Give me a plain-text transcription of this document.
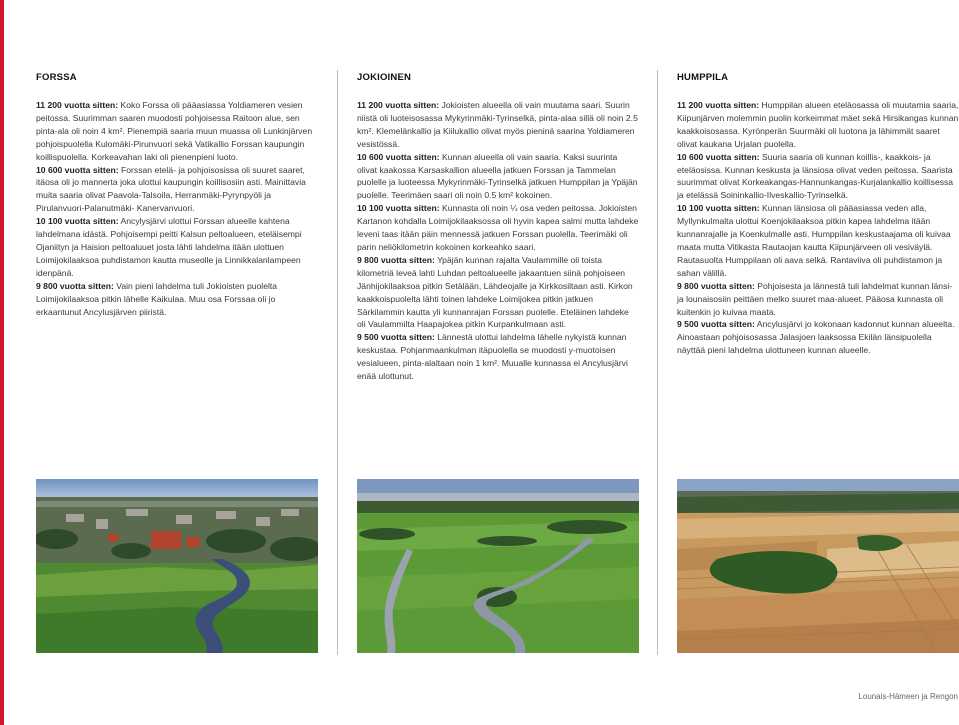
FORSSA

11 200 vuotta sitten: Koko Forssa oli pääasiassa Yoldiameren vesien peitossa. Suurimman saaren muodosti pohjoisessa Raitoon alue, sen pinta-ala oli noin 4 km². Pienempiä saaria muun muassa oli Lunkinjärven pohjoispuolella Kulomäki-Pirunvuori sekä Vatikallio Forssan kaupungin koillispuolella. Korkeavahan laki oli pienenpieni luoto.

10 600 vuotta sitten: Forssan etelä- ja pohjoisosissa oli suuret saaret, itäosa oli jo mannerta joka ulottui kaupungin koillisosiin asti. Mainittavia muita saaria olivat Paavola-Talsoila, Herranmäki-Pyrynpyöli ja Pirulanvuori-Palanutmäki- Kanervanvuori.

10 100 vuotta sitten: Ancylysjärvi ulottui Forssan alueelle kahtena lahdelmana idästä. Pohjoisempi peitti Kalsun peltoalueen, eteläisempi Ojaniityn ja Haision peltoaluuet josta lähti lahdelma itään ulottuen Loimijokilaaksoa puhdistamon kautta museolle ja Linnikkalanlampeen idenpänä.

9 800 vuotta sitten: Vain pieni lahdelma tuli Jokioisten puolelta Loimijokilaaksoa pitkin lähelle Kaikulaa. Muu osa Forssaa oli jo erkaantunut Ancylusjärven piiristä.

JOKIOINEN

11 200 vuotta sitten: Jokioisten alueella oli vain muutama saari. Suurin niistä oli luoteisosassa Mykyrinmäki-Tyrinselkä, pinta-alaa sillä oli noin 2.5 km². Klemelänkallio ja Kiilukallio olivat myös pieninä saarina Yoldiameren vesistössä.

10 600 vuotta sitten: Kunnan alueella oli vain saaria. Kaksi suurinta olivat kaakossa Karsaskallion alueella jatkuen Forssan ja Tammelan puolelle ja luoteessa Mykyrinmäki-Tyrinselkä jatkuen Humppilan ja Ypäjän puolelle. Teerimäen saari oli noin 0.5 km² kokoinen.

10 100 vuotta sitten: Kunnasta oli noin ¼ osa veden peitossa. Jokioisten Kartanon kohdalla Loimijokilaaksossa oli hyvin kapea salmi mutta lahdeke leveni taas itään päin mennessä jatkuen Forssan puolella. Teerimäki oli parin neliökilometrin kokoinen korkeahko saari.

9 800 vuotta sitten: Ypäjän kunnan rajalta Vaulammille oli toista kilometriä leveä lahti Luhdan peltoalueelle jakaantuen siinä pohjoiseen Jänhijokilaaksoa pitkin Setälään, Lähdeojalle ja Kirkkosiltaan asti. Kirkon kaakkoispuolelta lähti toinen lahdeke Loimijokea pitkin jatkuen Särkilammin kautta yli kunnanrajan Forssan puolelle. Eteläinen lahdeke oli Vaulammilta Haapajokea pitkin Kurpankulmaan asti.

9 500 vuotta sitten: Lännestä ulottui lahdelma lähelle nykyistä kunnan keskustaa. Pohjanmaankulman itäpuolella se muodosti y-muotoisen vesialueen, pinta-alaltaan noin 1 km². Muualle kunnassa ei Ancylusjärvi enää ulottunut.

HUMPPILA

11 200 vuotta sitten: Humppilan alueen eteläosassa oli muutamia saaria, Kiipunjärven molemmin puolin korkeimmat mäet sekä Hirsikangas kunnan kaakkoisosassa. Kyrönperän Suurmäki oli luotona ja lähimmät saaret olivat kaukana Urjalan puolella.

10 600 vuotta sitten: Suuria saaria oli kunnan koillis-, kaakkois- ja eteläosissa. Kunnan keskusta ja länsiosa olivat veden peitossa. Saarista suurimmat olivat Korkeakangas-Hannunkangas-Kurjalankallio koillisessa ja etelässä Soininkallio-Ilveskallio-Tyrinselkä.

10 100 vuotta sitten: Kunnan länsiosa oli pääasiassa veden alla, Myllynkulmalta ulottui Koenjokilaaksoa pitkin kapea lahdelma itään kunnanrajalle ja Koenkulmalle asti. Humppilan keskustaajama oli kuivaa maata mutta Vitikasta Rautaojan kautta Kiipunjärveen oli vesiväylä. Rautasuolta Humppilaan oli aava selkä. Rantaviiva oli puhdistamon ja sahan välillä.

9 800 vuotta sitten: Pohjoisesta ja lännestä tuli lahdelmat kunnan länsi- ja lounaisosiin peittäen melko suuret maa-alueet. Pääosa kunnasta oli kuitenkin jo kuivaa maata.

9 500 vuotta sitten: Ancylusjärvi jo kokonaan kadonnut kunnan alueelta. Ainoastaan pohjoisosassa Jalasjoen laaksossa Ekilän länsipuolella näyttää pieni lahdelma ulottuneen kunnan alueelle.

Lounais-Hämeen ja Rengon
